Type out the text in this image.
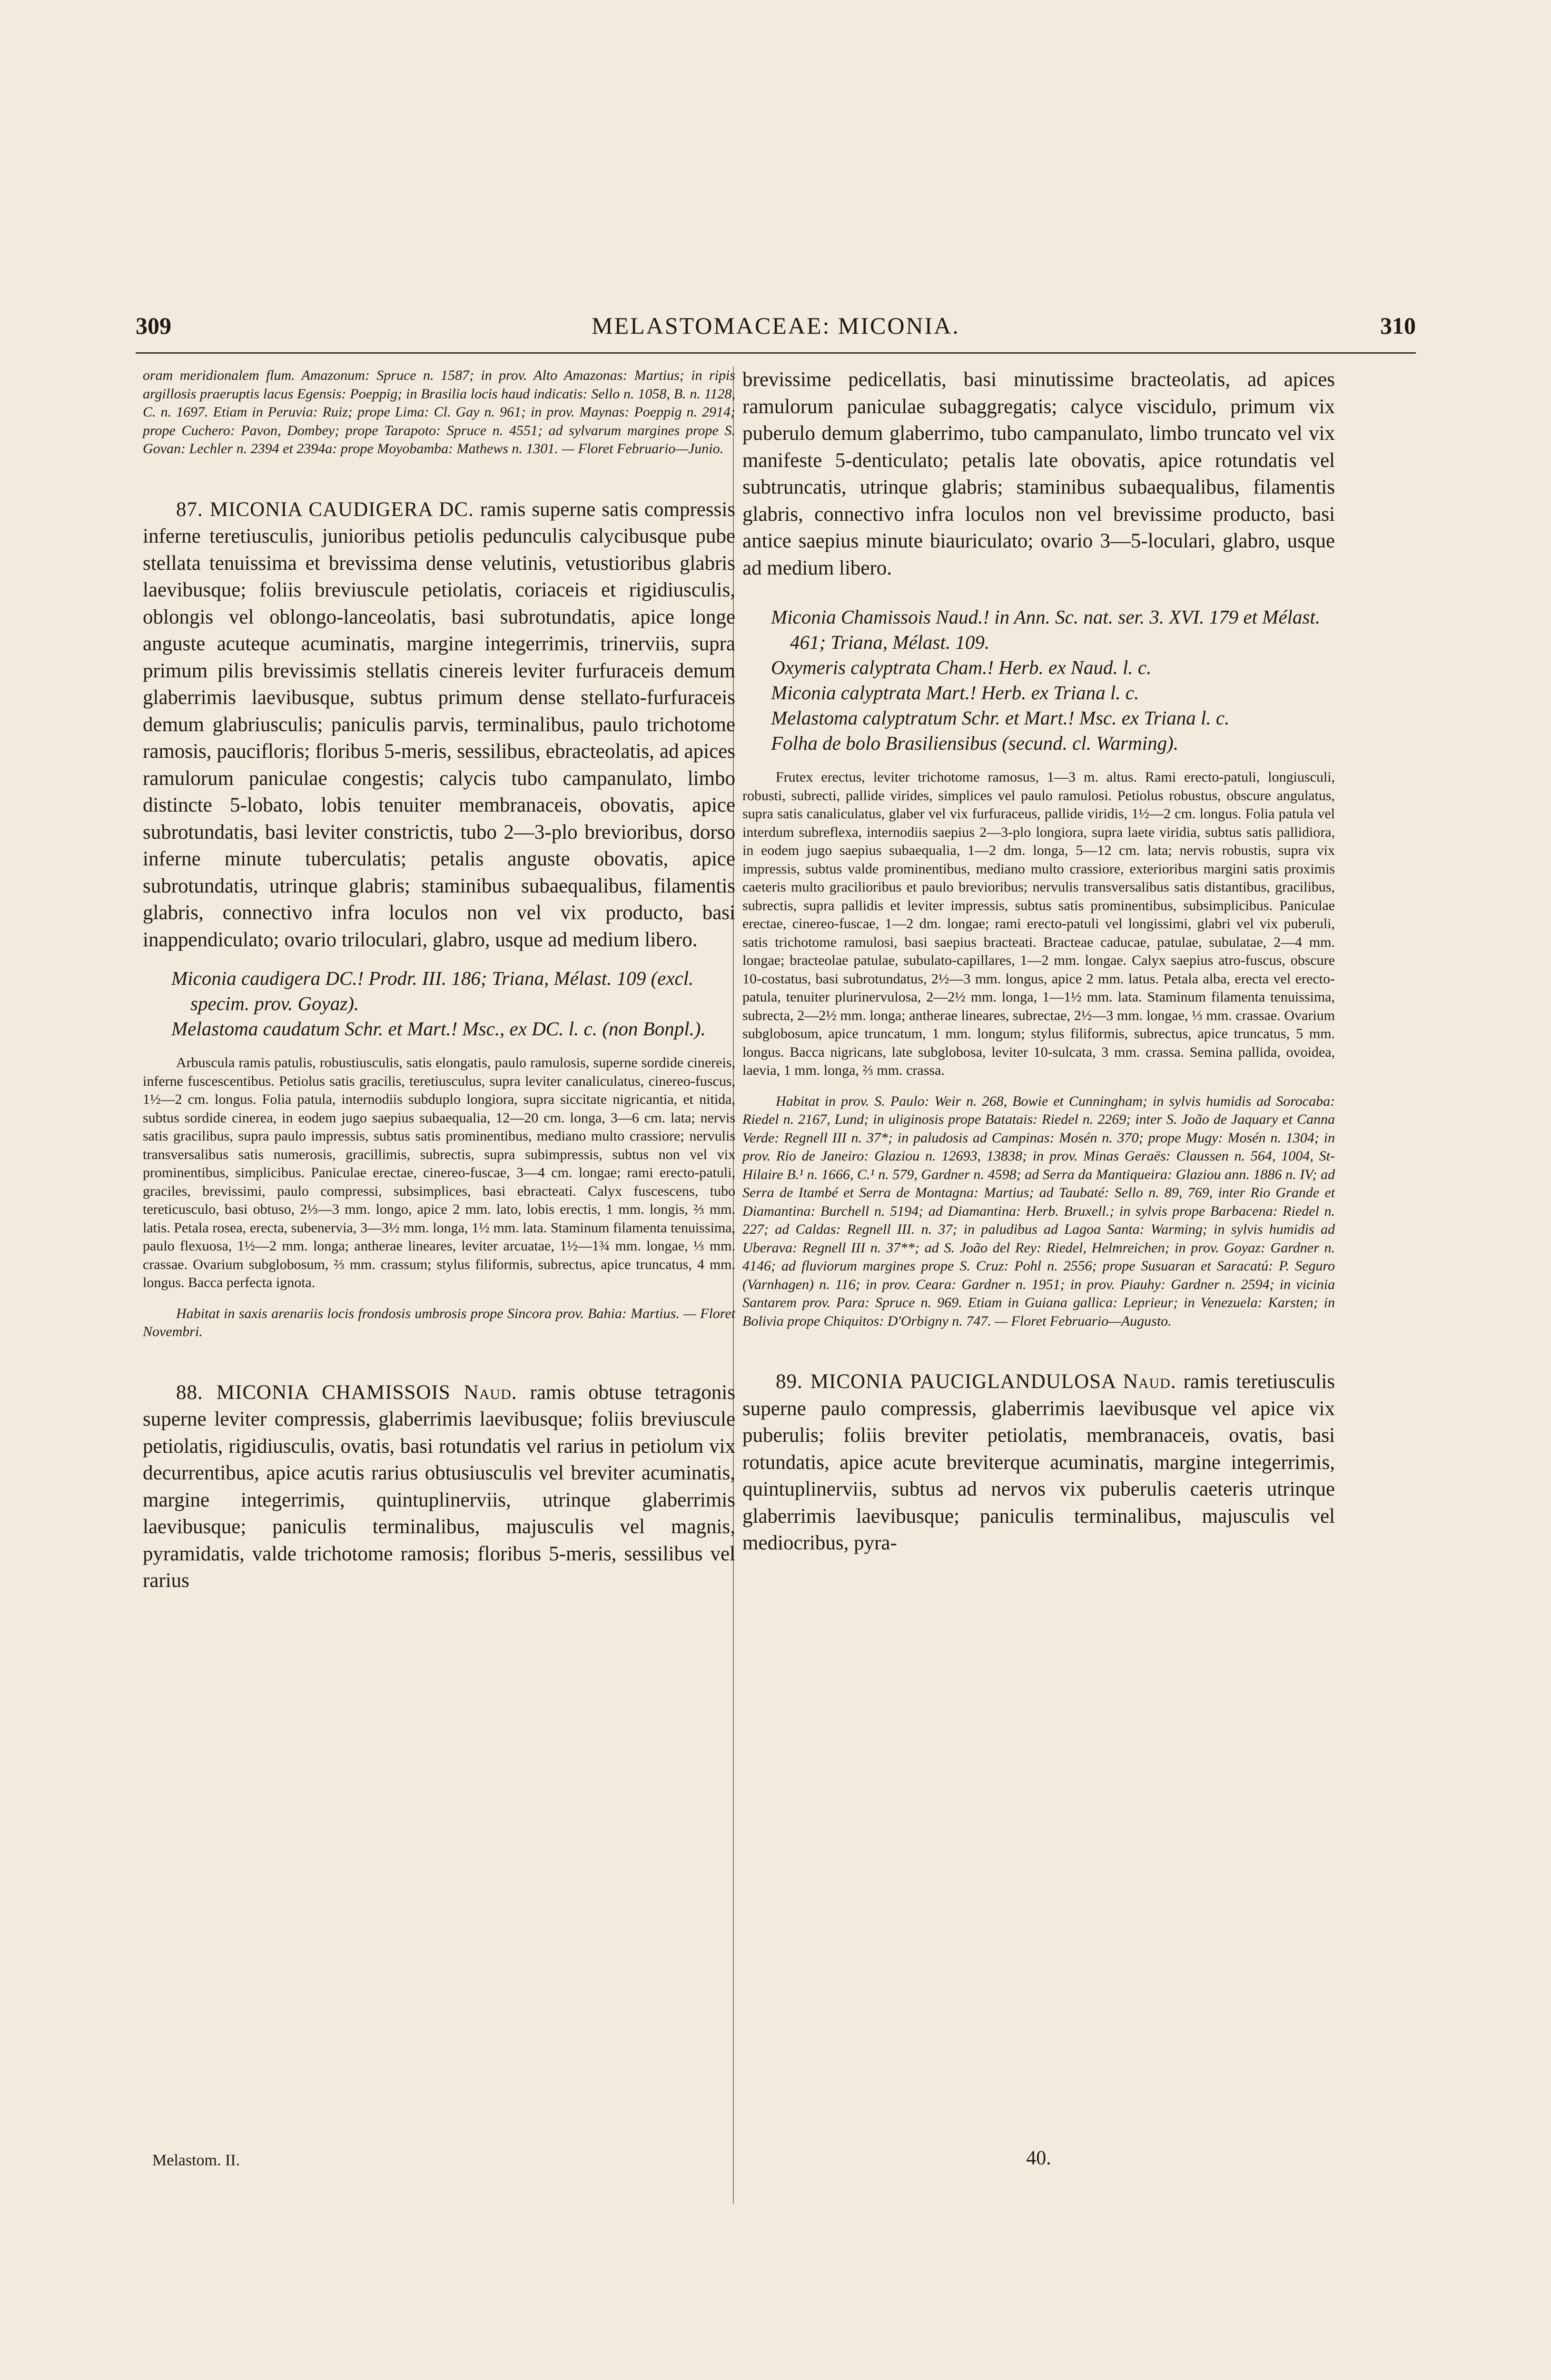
309	MELASTOMACEAE: MICONIA.	310

oram meridionalem flum. Amazonum: Spruce n. 1587; in prov. Alto Amazonas: Martius; in ripis argillosis praeruptis lacus Egensis: Poeppig; in Brasilia locis haud indicatis: Sello n. 1058, B. n. 1128, C. n. 1697. Etiam in Peruvia: Ruiz; prope Lima: Cl. Gay n. 961; in prov. Maynas: Poeppig n. 2914; prope Cuchero: Pavon, Dombey; prope Tarapoto: Spruce n. 4551; ad sylvarum margines prope S. Govan: Lechler n. 2394 et 2394a: prope Moyobamba: Mathews n. 1301. — Floret Februario—Junio.

87. MICONIA CAUDIGERA DC. ramis superne satis compressis inferne teretiusculis, junioribus petiolis pedunculis calycibusque pube stellata tenuissima et brevissima dense velutinis, vetustioribus glabris laevibusque; foliis breviuscule petiolatis, coriaceis et rigidiusculis, oblongis vel oblongo-lanceolatis, basi subrotundatis, apice longe anguste acuteque acuminatis, margine integerrimis, trinerviis, supra primum pilis brevissimis stellatis cinereis leviter furfuraceis demum glaberrimis laevibusque, subtus primum dense stellato-furfuraceis demum glabriusculis; paniculis parvis, terminalibus, paulo trichotome ramosis, paucifloris; floribus 5-meris, sessilibus, ebracteolatis, ad apices ramulorum paniculae congestis; calycis tubo campanulato, limbo distincte 5-lobato, lobis tenuiter membranaceis, obovatis, apice subrotundatis, basi leviter constrictis, tubo 2—3-plo brevioribus, dorso inferne minute tuberculatis; petalis anguste obovatis, apice subrotundatis, utrinque glabris; staminibus subaequalibus, filamentis glabris, connectivo infra loculos non vel vix producto, basi inappendiculato; ovario triloculari, glabro, usque ad medium libero.

Miconia caudigera DC.! Prodr. III. 186; Triana, Mélast. 109 (excl. specim. prov. Goyaz).

Melastoma caudatum Schr. et Mart.! Msc., ex DC. l. c. (non Bonpl.).

Arbuscula ramis patulis, robustiusculis, satis elongatis, paulo ramulosis, superne sordide cinereis, inferne fuscescentibus. Petiolus satis gracilis, teretiusculus, supra leviter canaliculatus, cinereo-fuscus, 1½—2 cm. longus. Folia patula, internodiis subduplo longiora, supra siccitate nigricantia, et nitida, subtus sordide cinerea, in eodem jugo saepius subaequalia, 12—20 cm. longa, 3—6 cm. lata; nervis satis gracilibus, supra paulo impressis, subtus satis prominentibus, mediano multo crassiore; nervulis transversalibus satis numerosis, gracillimis, subrectis, supra subimpressis, subtus non vel vix prominentibus, simplicibus. Paniculae erectae, cinereo-fuscae, 3—4 cm. longae; rami erecto-patuli, graciles, brevissimi, paulo compressi, subsimplices, basi ebracteati. Calyx fuscescens, tubo tereticusculo, basi obtuso, 2⅓—3 mm. longo, apice 2 mm. lato, lobis erectis, 1 mm. longis, ⅔ mm. latis. Petala rosea, erecta, subenervia, 3—3½ mm. longa, 1½ mm. lata. Staminum filamenta tenuissima, paulo flexuosa, 1½—2 mm. longa; antherae lineares, leviter arcuatae, 1½—1¾ mm. longae, ⅓ mm. crassae. Ovarium subglobosum, ⅔ mm. crassum; stylus filiformis, subrectus, apice truncatus, 4 mm. longus. Bacca perfecta ignota.

Habitat in saxis arenariis locis frondosis umbrosis prope Sincora prov. Bahia: Martius. — Floret Novembri.

88. MICONIA CHAMISSOIS Naud. ramis obtuse tetragonis superne leviter compressis, glaberrimis laevibusque; foliis breviuscule petiolatis, rigidiusculis, ovatis, basi rotundatis vel rarius in petiolum vix decurrentibus, apice acutis rarius obtusiusculis vel breviter acuminatis, margine integerrimis, quintuplinerviis, utrinque glaberrimis laevibusque; paniculis terminalibus, majusculis vel magnis, pyramidatis, valde trichotome ramosis; floribus 5-meris, sessilibus vel rarius

brevissime pedicellatis, basi minutissime bracteolatis, ad apices ramulorum paniculae subaggregatis; calyce viscidulo, primum vix puberulo demum glaberrimo, tubo campanulato, limbo truncato vel vix manifeste 5-denticulato; petalis late obovatis, apice rotundatis vel subtruncatis, utrinque glabris; staminibus subaequalibus, filamentis glabris, connectivo infra loculos non vel brevissime producto, basi antice saepius minute biauriculato; ovario 3—5-loculari, glabro, usque ad medium libero.

Miconia Chamissois Naud.! in Ann. Sc. nat. ser. 3. XVI. 179 et Mélast. 461; Triana, Mélast. 109.

Oxymeris calyptrata Cham.! Herb. ex Naud. l. c.

Miconia calyptrata Mart.! Herb. ex Triana l. c.

Melastoma calyptratum Schr. et Mart.! Msc. ex Triana l. c.

Folha de bolo Brasiliensibus (secund. cl. Warming).

Frutex erectus, leviter trichotome ramosus, 1—3 m. altus. Rami erecto-patuli, longiusculi, robusti, subrecti, pallide virides, simplices vel paulo ramulosi. Petiolus robustus, obscure angulatus, supra satis canaliculatus, glaber vel vix furfuraceus, pallide viridis, 1½—2 cm. longus. Folia patula vel interdum subreflexa, internodiis saepius 2—3-plo longiora, supra laete viridia, subtus satis pallidiora, in eodem jugo saepius subaequalia, 1—2 dm. longa, 5—12 cm. lata; nervis robustis, supra vix impressis, subtus valde prominentibus, mediano multo crassiore, exterioribus margini satis proximis caeteris multo gracilioribus et paulo brevioribus; nervulis transversalibus satis distantibus, gracilibus, subrectis, supra pallidis et leviter impressis, subtus satis prominentibus, subsimplicibus. Paniculae erectae, cinereo-fuscae, 1—2 dm. longae; rami erecto-patuli vel longissimi, glabri vel vix puberuli, satis trichotome ramulosi, basi saepius bracteati. Bracteae caducae, patulae, subulatae, 2—4 mm. longae; bracteolae patulae, subulato-capillares, 1—2 mm. longae. Calyx saepius atro-fuscus, obscure 10-costatus, basi subrotundatus, 2½—3 mm. longus, apice 2 mm. latus. Petala alba, erecta vel erecto-patula, tenuiter plurinervulosa, 2—2½ mm. longa, 1—1½ mm. lata. Staminum filamenta tenuissima, subrecta, 2—2½ mm. longa; antherae lineares, subrectae, 2½—3 mm. longae, ⅓ mm. crassae. Ovarium subglobosum, apice truncatum, 1 mm. longum; stylus filiformis, subrectus, apice truncatus, 5 mm. longus. Bacca nigricans, late subglobosa, leviter 10-sulcata, 3 mm. crassa. Semina pallida, ovoidea, laevia, 1 mm. longa, ⅔ mm. crassa.

Habitat in prov. S. Paulo: Weir n. 268, Bowie et Cunningham; in sylvis humidis ad Sorocaba: Riedel n. 2167, Lund; in uliginosis prope Batatais: Riedel n. 2269; inter S. João de Jaquary et Canna Verde: Regnell III n. 37*; in paludosis ad Campinas: Mosén n. 370; prope Mugy: Mosén n. 1304; in prov. Rio de Janeiro: Glaziou n. 12693, 13838; in prov. Minas Geraës: Claussen n. 564, 1004, St-Hilaire B.¹ n. 1666, C.¹ n. 579, Gardner n. 4598; ad Serra da Mantiqueira: Glaziou ann. 1886 n. IV; ad Serra de Itambé et Serra de Montagna: Martius; ad Taubaté: Sello n. 89, 769, inter Rio Grande et Diamantina: Burchell n. 5194; ad Diamantina: Herb. Bruxell.; in sylvis prope Barbacena: Riedel n. 227; ad Caldas: Regnell III. n. 37; in paludibus ad Lagoa Santa: Warming; in sylvis humidis ad Uberava: Regnell III n. 37**; ad S. João del Rey: Riedel, Helmreichen; in prov. Goyaz: Gardner n. 4146; ad fluviorum margines prope S. Cruz: Pohl n. 2556; prope Susuaran et Saracatú: P. Seguro (Varnhagen) n. 116; in prov. Ceara: Gardner n. 1951; in prov. Piauhy: Gardner n. 2594; in vicinia Santarem prov. Para: Spruce n. 969. Etiam in Guiana gallica: Leprieur; in Venezuela: Karsten; in Bolivia prope Chiquitos: D'Orbigny n. 747. — Floret Februario—Augusto.

89. MICONIA PAUCIGLANDULOSA Naud. ramis teretiusculis superne paulo compressis, glaberrimis laevibusque vel apice vix puberulis; foliis breviter petiolatis, membranaceis, ovatis, basi rotundatis, apice acute breviterque acuminatis, margine integerrimis, quintuplinerviis, subtus ad nervos vix puberulis caeteris utrinque glaberrimis laevibusque; paniculis terminalibus, majusculis vel mediocribus, pyra-

Melastom. II.	40.
